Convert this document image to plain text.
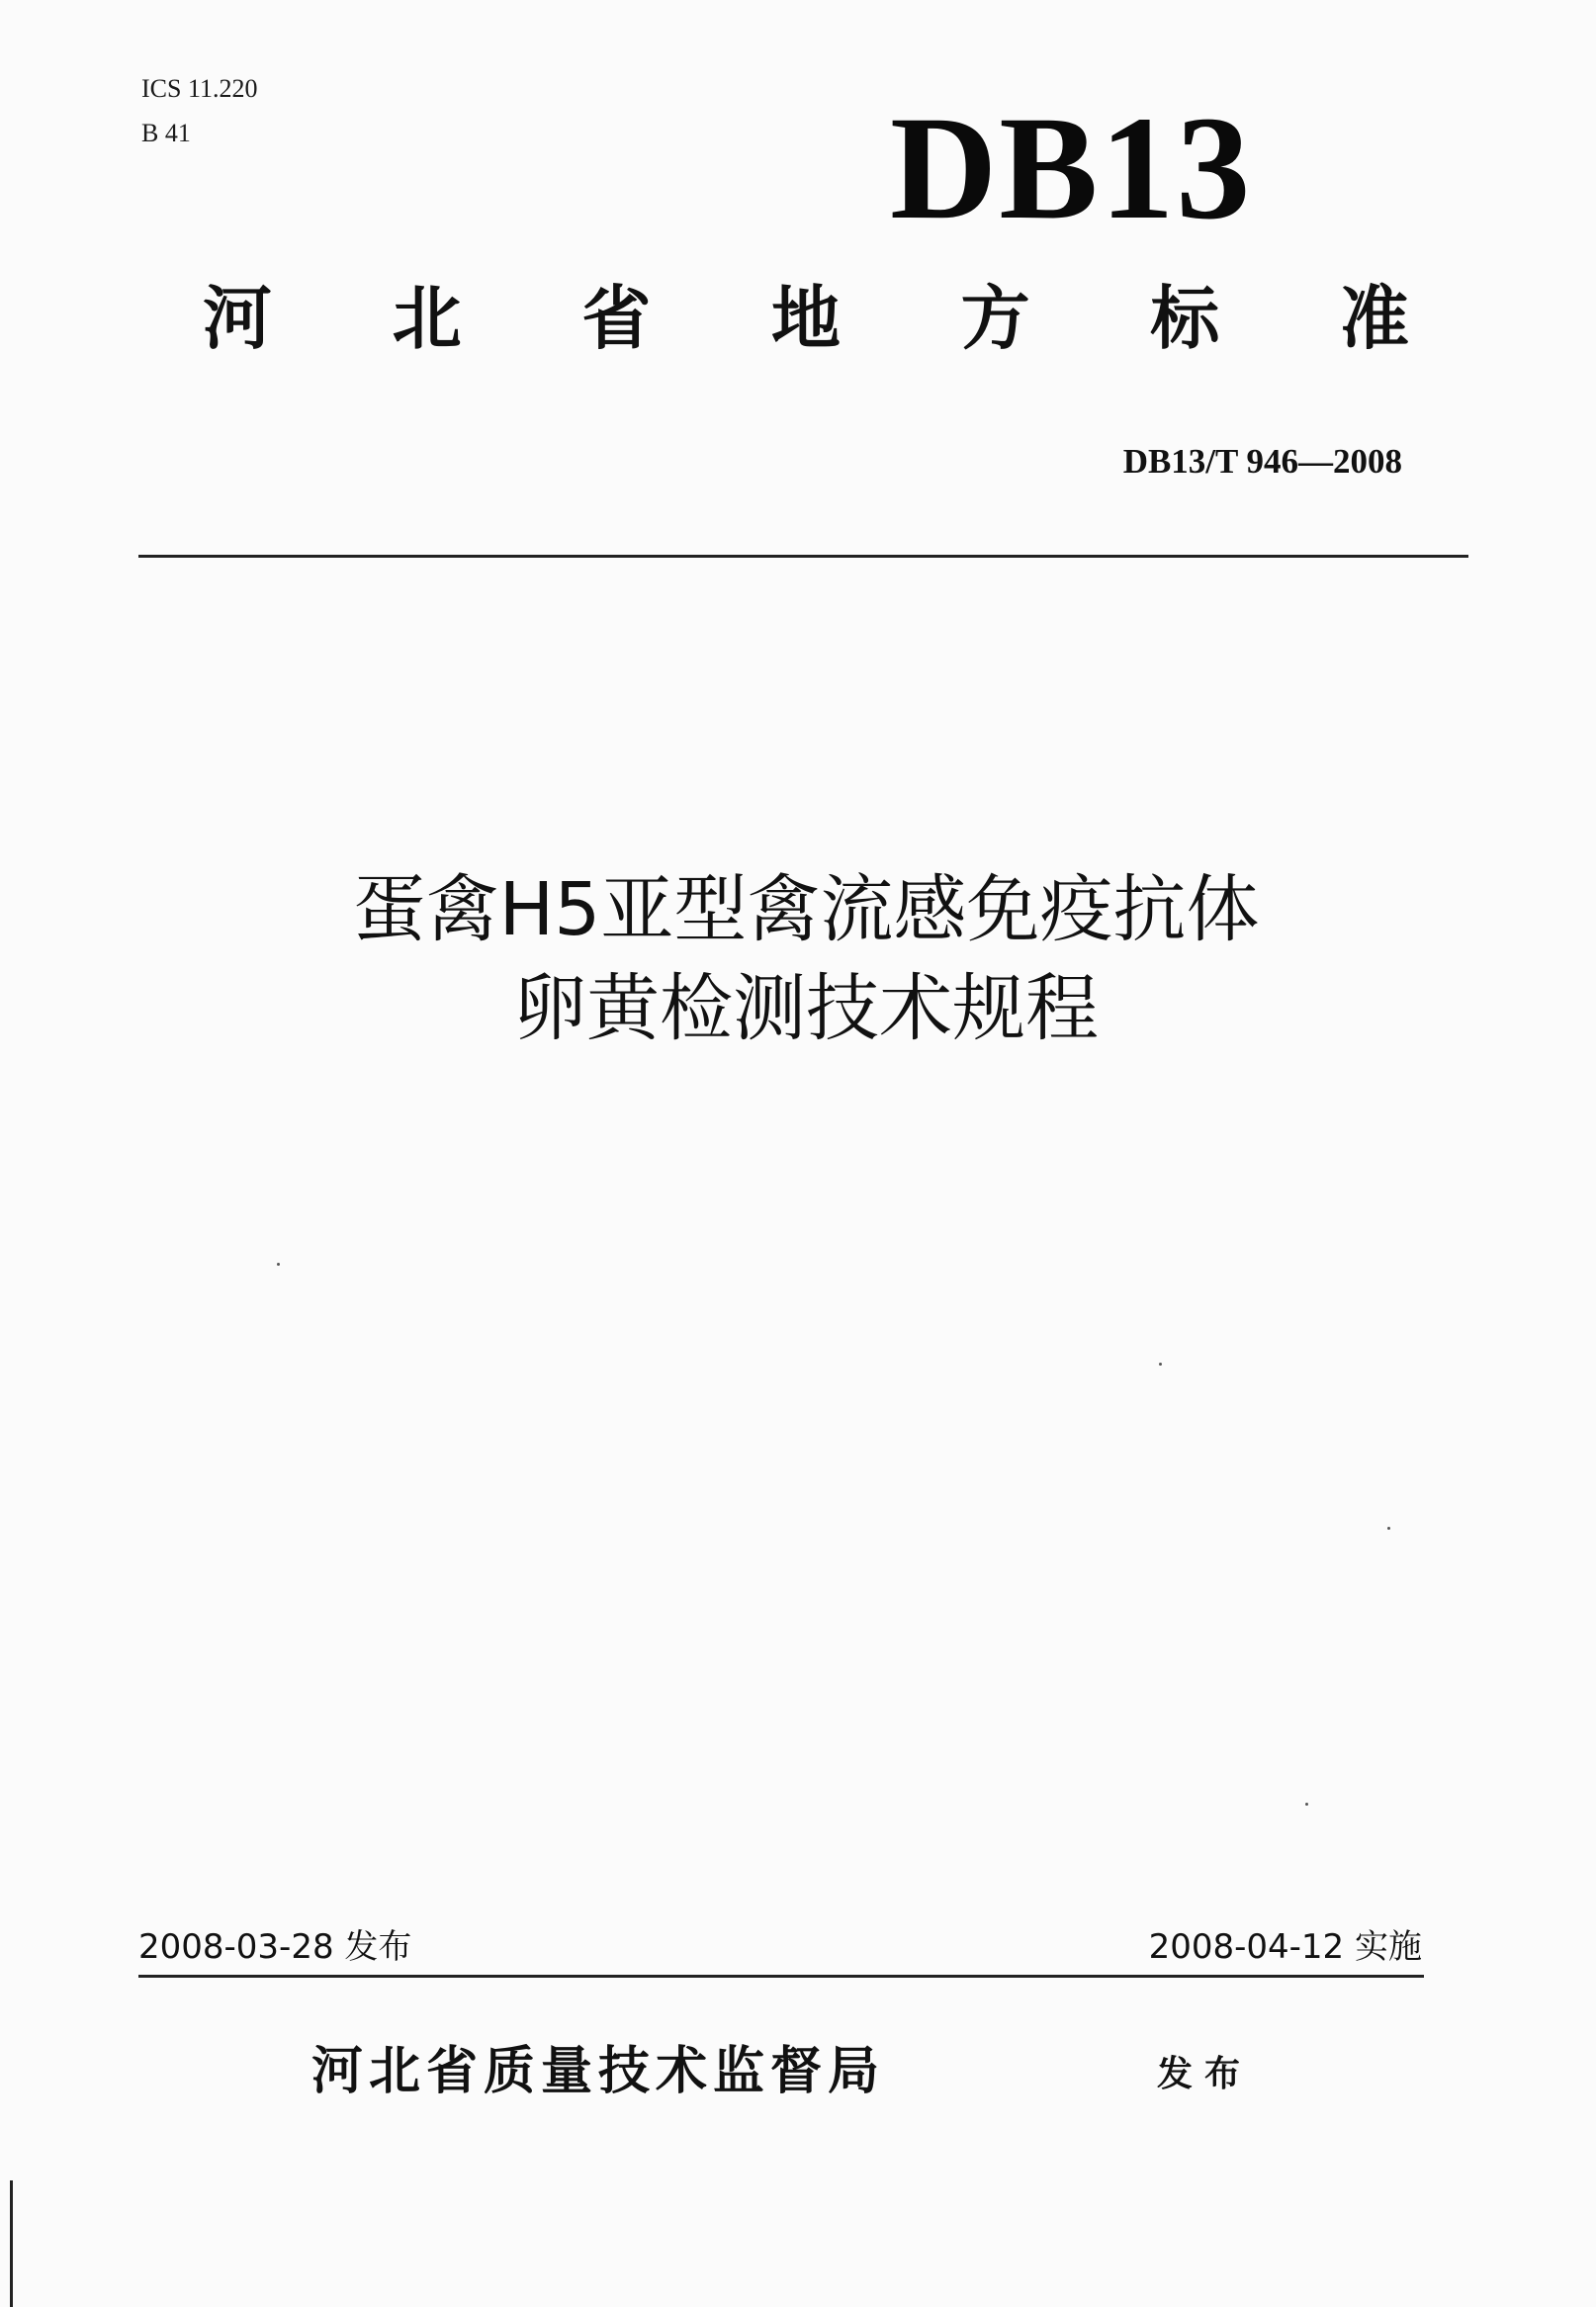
ICS 11.220
B 41	DB13
河 北 省 地 方 标 准
DB13/T 946—2008
蛋禽H5亚型禽流感免疫抗体
卵黄检测技术规程
2008-03-28 发布	2008-04-12 实施
河北省质量技术监督局	发布
